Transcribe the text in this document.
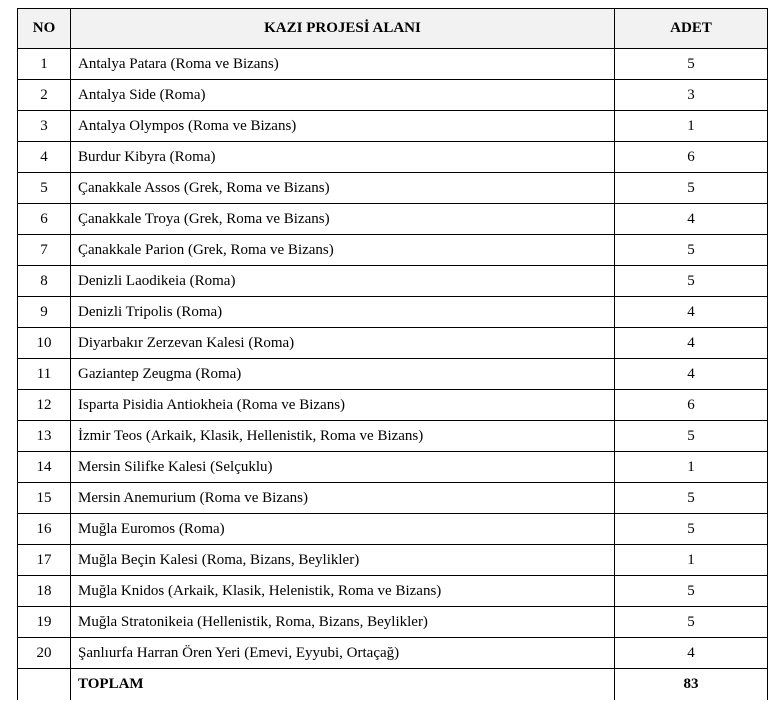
NO	KAZI PROJESİ ALANI	ADET
1	Antalya Patara (Roma ve Bizans)	5
2	Antalya Side (Roma)	3
3	Antalya Olympos (Roma ve Bizans)	1
4	Burdur Kibyra (Roma)	6
5	Çanakkale Assos (Grek, Roma ve Bizans)	5
6	Çanakkale Troya (Grek, Roma ve Bizans)	4
7	Çanakkale Parion (Grek, Roma ve Bizans)	5
8	Denizli Laodikeia (Roma)	5
9	Denizli Tripolis (Roma)	4
10	Diyarbakır Zerzevan Kalesi (Roma)	4
11	Gaziantep Zeugma (Roma)	4
12	Isparta Pisidia Antiokheia (Roma ve Bizans)	6
13	İzmir Teos (Arkaik, Klasik, Hellenistik, Roma ve Bizans)	5
14	Mersin Silifke Kalesi (Selçuklu)	1
15	Mersin Anemurium (Roma ve Bizans)	5
16	Muğla Euromos (Roma)	5
17	Muğla Beçin Kalesi (Roma, Bizans, Beylikler)	1
18	Muğla Knidos (Arkaik, Klasik, Helenistik, Roma ve Bizans)	5
19	Muğla Stratonikeia (Hellenistik, Roma, Bizans, Beylikler)	5
20	Şanlıurfa Harran Ören Yeri (Emevi, Eyyubi, Ortaçağ)	4
	TOPLAM	83
